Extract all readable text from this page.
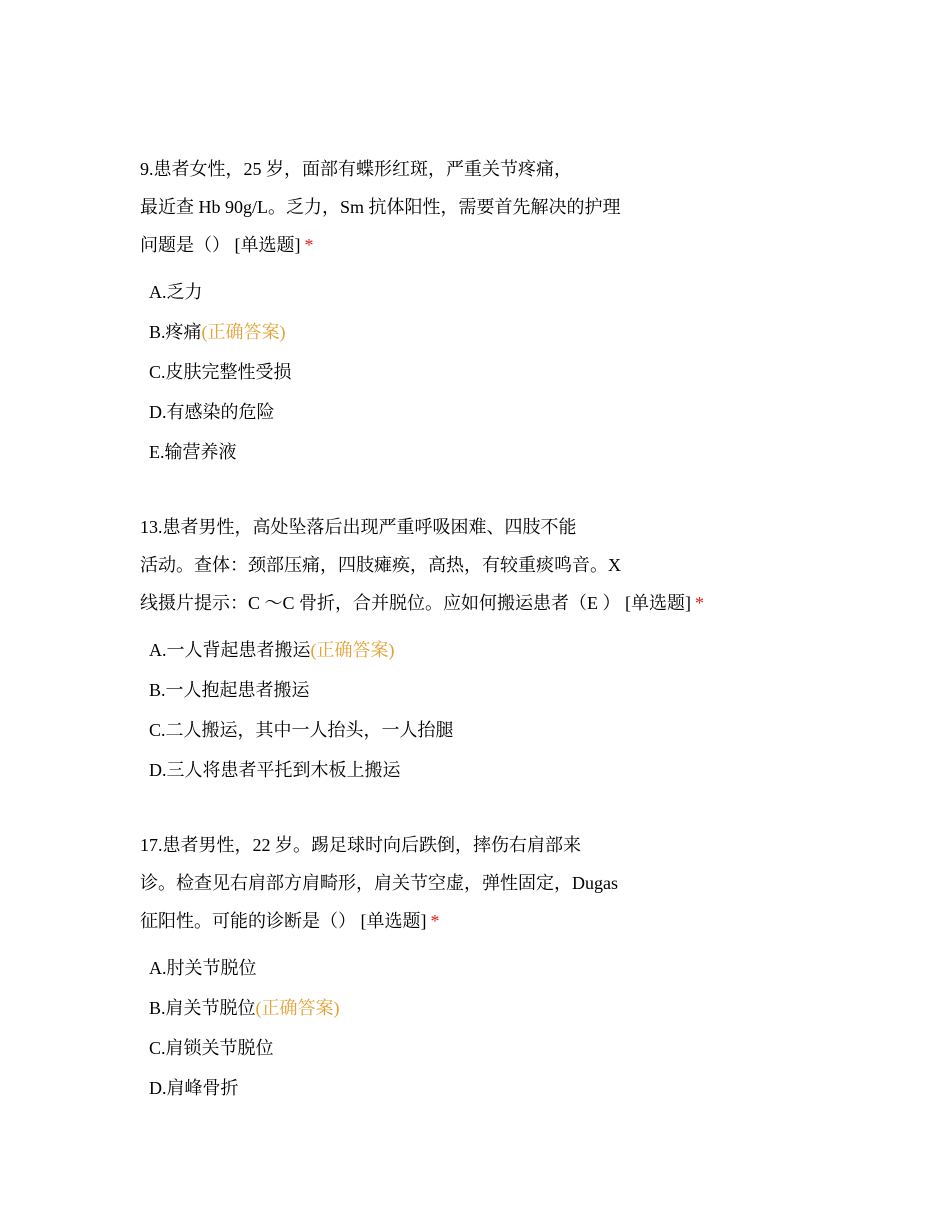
9.患者女性，25 岁，面部有蝶形红斑，严重关节疼痛，
最近查 Hb 90g/L。乏力，Sm 抗体阳性，需要首先解决的护理
问题是（） [单选题] *
A.乏力
B.疼痛(正确答案)
C.皮肤完整性受损
D.有感染的危险
E.输营养液
13.患者男性，高处坠落后出现严重呼吸困难、四肢不能
活动。查体：颈部压痛，四肢瘫痪，高热，有较重痰鸣音。X
线摄片提示：C ～C 骨折，合并脱位。应如何搬运患者（E ） [单选题] *
A.一人背起患者搬运(正确答案)
B.一人抱起患者搬运
C.二人搬运，其中一人抬头，一人抬腿
D.三人将患者平托到木板上搬运
17.患者男性，22 岁。踢足球时向后跌倒，摔伤右肩部来
诊。检查见右肩部方肩畸形，肩关节空虚，弹性固定，Dugas
征阳性。可能的诊断是（） [单选题] *
A.肘关节脱位
B.肩关节脱位(正确答案)
C.肩锁关节脱位
D.肩峰骨折
